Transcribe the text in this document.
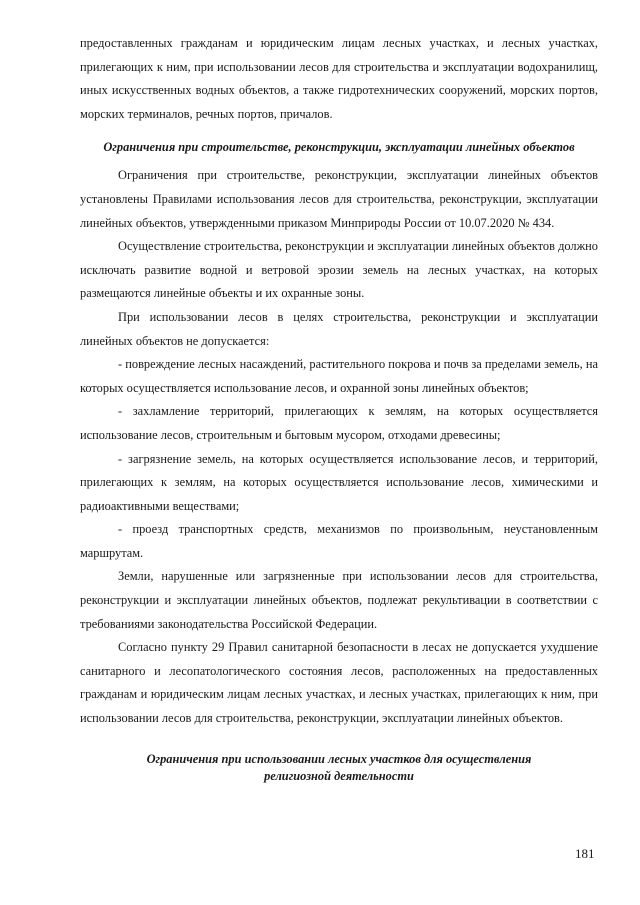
предоставленных гражданам и юридическим лицам лесных участках, и лесных участках, прилегающих к ним, при использовании лесов для строительства и эксплуатации водохранилищ, иных искусственных водных объектов, а также гидротехнических сооружений, морских портов, морских терминалов, речных портов, причалов.

Ограничения при строительстве, реконструкции, эксплуатации линейных объектов

Ограничения при строительстве, реконструкции, эксплуатации линейных объектов установлены Правилами использования лесов для строительства, реконструкции, эксплуатации линейных объектов, утвержденными приказом Минприроды России от 10.07.2020 № 434.

Осуществление строительства, реконструкции и эксплуатации линейных объектов должно исключать развитие водной и ветровой эрозии земель на лесных участках, на которых размещаются линейные объекты и их охранные зоны.

При использовании лесов в целях строительства, реконструкции и эксплуатации линейных объектов не допускается:

- повреждение лесных насаждений, растительного покрова и почв за пределами земель, на которых осуществляется использование лесов, и охранной зоны линейных объектов;

- захламление территорий, прилегающих к землям, на которых осуществляется использование лесов, строительным и бытовым мусором, отходами древесины;

- загрязнение земель, на которых осуществляется использование лесов, и территорий, прилегающих к землям, на которых осуществляется использование лесов, химическими и радиоактивными веществами;

- проезд транспортных средств, механизмов по произвольным, неустановленным маршрутам.

Земли, нарушенные или загрязненные при использовании лесов для строительства, реконструкции и эксплуатации линейных объектов, подлежат рекультивации в соответствии с требованиями законодательства Российской Федерации.

Согласно пункту 29 Правил санитарной безопасности в лесах не допускается ухудшение санитарного и лесопатологического состояния лесов, расположенных на предоставленных гражданам и юридическим лицам лесных участках, и лесных участках, прилегающих к ним, при использовании лесов для строительства, реконструкции, эксплуатации линейных объектов.

Ограничения при использовании лесных участков для осуществления
религиозной деятельности
181
